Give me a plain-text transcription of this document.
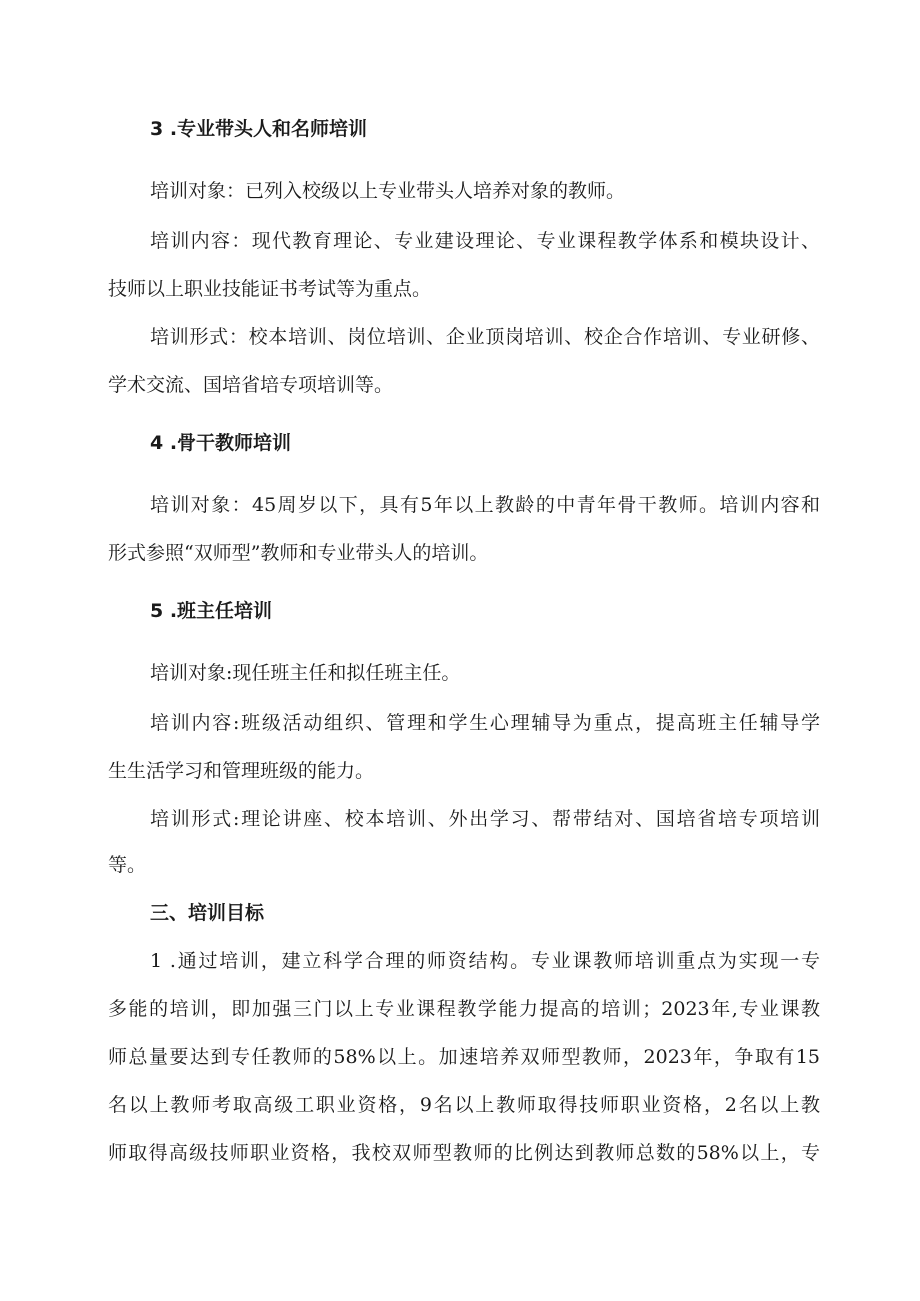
3 .专业带头人和名师培训
培训对象：已列入校级以上专业带头人培养对象的教师。
培训内容：现代教育理论、专业建设理论、专业课程教学体系和模块设计、
技师以上职业技能证书考试等为重点。
培训形式：校本培训、岗位培训、企业顶岗培训、校企合作培训、专业研修、
学术交流、国培省培专项培训等。
4 .骨干教师培训
培训对象：45周岁以下，具有5年以上教龄的中青年骨干教师。培训内容和
形式参照“双师型”教师和专业带头人的培训。
5 .班主任培训
培训对象:现任班主任和拟任班主任。
培训内容:班级活动组织、管理和学生心理辅导为重点，提高班主任辅导学
生生活学习和管理班级的能力。
培训形式:理论讲座、校本培训、外出学习、帮带结对、国培省培专项培训
等。
三、培训目标
1 .通过培训，建立科学合理的师资结构。专业课教师培训重点为实现一专
多能的培训，即加强三门以上专业课程教学能力提高的培训；2023年,专业课教
师总量要达到专任教师的58%以上。加速培养双师型教师，2023年，争取有15
名以上教师考取高级工职业资格，9名以上教师取得技师职业资格，2名以上教
师取得高级技师职业资格，我校双师型教师的比例达到教师总数的58%以上，专
